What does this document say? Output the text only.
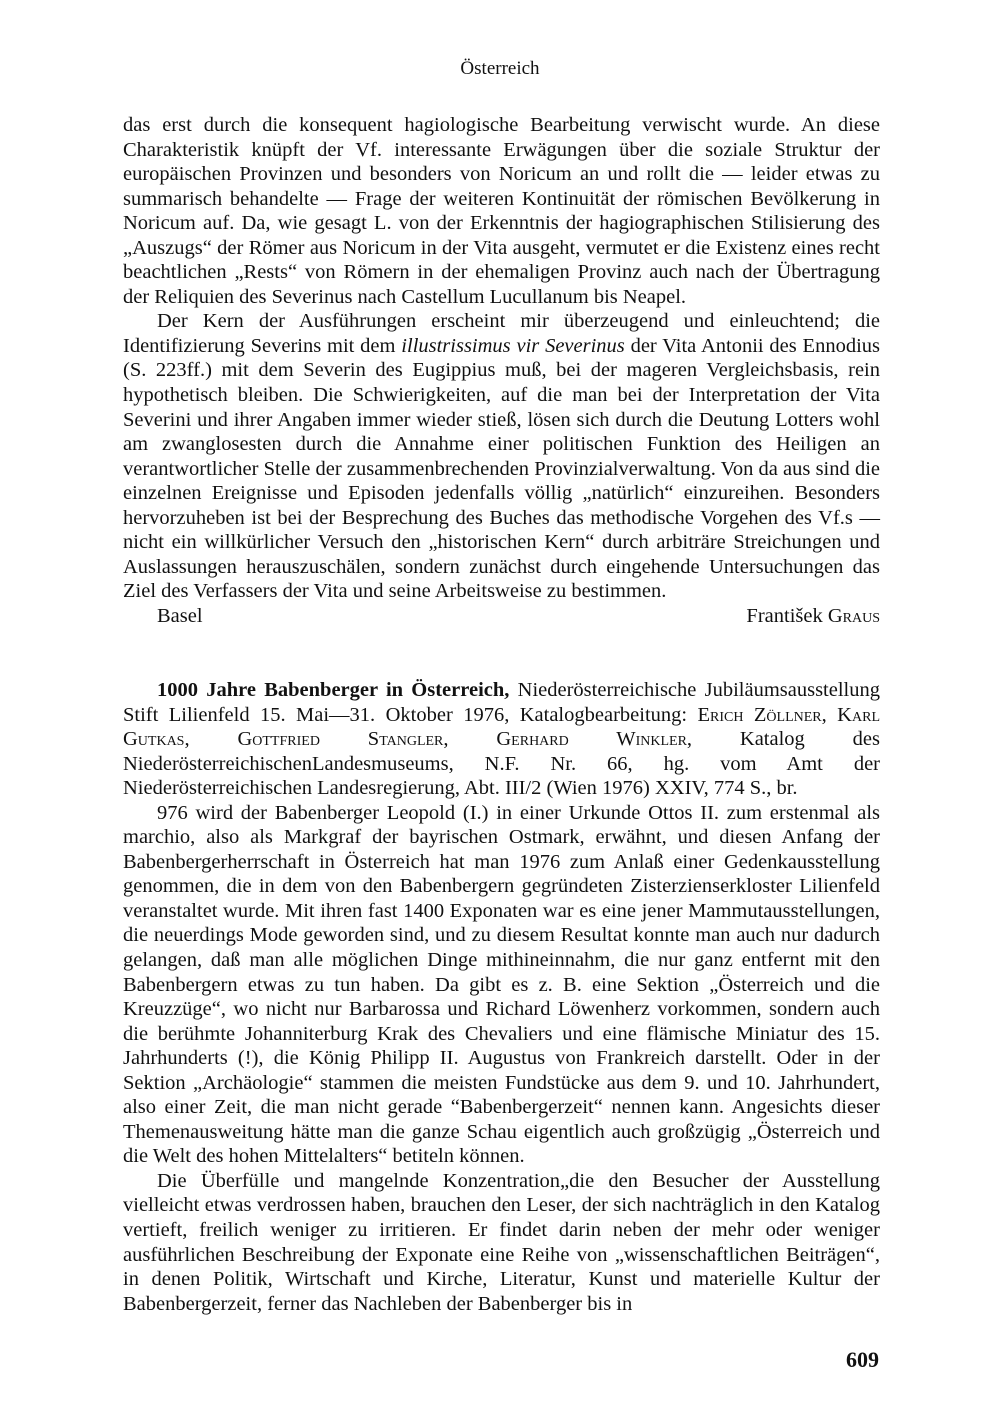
Österreich

das erst durch die konsequent hagiologische Bearbeitung verwischt wurde. An diese Charakteristik knüpft der Vf. interessante Erwägungen über die soziale Struktur der europäischen Provinzen und besonders von Noricum an und rollt die — leider etwas zu summarisch behandelte — Frage der weiteren Kontinuität der römischen Bevölkerung in Noricum auf. Da, wie gesagt L. von der Erkenntnis der hagiographischen Stilisierung des „Auszugs“ der Römer aus Noricum in der Vita ausgeht, vermutet er die Existenz eines recht beachtlichen „Rests“ von Römern in der ehemaligen Provinz auch nach der Übertragung der Reliquien des Severinus nach Castellum Lucullanum bis Neapel.

Der Kern der Ausführungen erscheint mir überzeugend und einleuchtend; die Identifizierung Severins mit dem illustrissimus vir Severinus der Vita Antonii des Ennodius (S. 223ff.) mit dem Severin des Eugippius muß, bei der mageren Vergleichsbasis, rein hypothetisch bleiben. Die Schwierigkeiten, auf die man bei der Interpretation der Vita Severini und ihrer Angaben immer wieder stieß, lösen sich durch die Deutung Lotters wohl am zwanglosesten durch die Annahme einer politischen Funktion des Heiligen an verantwortlicher Stelle der zusammenbrechenden Provinzialverwaltung. Von da aus sind die einzelnen Ereignisse und Episoden jedenfalls völlig „natürlich“ einzureihen. Besonders hervorzuheben ist bei der Besprechung des Buches das methodische Vorgehen des Vf.s — nicht ein willkürlicher Versuch den „historischen Kern“ durch arbiträre Streichungen und Auslassungen herauszuschälen, sondern zunächst durch eingehende Untersuchungen das Ziel des Verfassers der Vita und seine Arbeitsweise zu bestimmen.

Basel	František Graus

1000 Jahre Babenberger in Österreich, Niederösterreichische Jubiläumsausstellung Stift Lilienfeld 15. Mai—31. Oktober 1976, Katalogbearbeitung: Erich Zöllner, Karl Gutkas, Gottfried Stangler, Gerhard Winkler, Katalog des NiederösterreichischenLandesmuseums, N.F. Nr. 66, hg. vom Amt der Niederösterreichischen Landesregierung, Abt. III/2 (Wien 1976) XXIV, 774 S., br.

976 wird der Babenberger Leopold (I.) in einer Urkunde Ottos II. zum erstenmal als marchio, also als Markgraf der bayrischen Ostmark, erwähnt, und diesen Anfang der Babenbergerherrschaft in Österreich hat man 1976 zum Anlaß einer Gedenkausstellung genommen, die in dem von den Babenbergern gegründeten Zisterzienserkloster Lilienfeld veranstaltet wurde. Mit ihren fast 1400 Exponaten war es eine jener Mammutausstellungen, die neuerdings Mode geworden sind, und zu diesem Resultat konnte man auch nur dadurch gelangen, daß man alle möglichen Dinge mithineinnahm, die nur ganz entfernt mit den Babenbergern etwas zu tun haben. Da gibt es z. B. eine Sektion „Österreich und die Kreuzzüge“, wo nicht nur Barbarossa und Richard Löwenherz vorkommen, sondern auch die berühmte Johanniterburg Krak des Chevaliers und eine flämische Miniatur des 15. Jahrhunderts (!), die König Philipp II. Augustus von Frankreich darstellt. Oder in der Sektion „Archäologie“ stammen die meisten Fundstücke aus dem 9. und 10. Jahrhundert, also einer Zeit, die man nicht gerade “Babenbergerzeit“ nennen kann. Angesichts dieser Themenausweitung hätte man die ganze Schau eigentlich auch großzügig „Österreich und die Welt des hohen Mittelalters“ betiteln können.

Die Überfülle und mangelnde Konzentration„die den Besucher der Ausstellung vielleicht etwas verdrossen haben, brauchen den Leser, der sich nachträglich in den Katalog vertieft, freilich weniger zu irritieren. Er findet darin neben der mehr oder weniger ausführlichen Beschreibung der Exponate eine Reihe von „wissenschaftlichen Beiträgen“, in denen Politik, Wirtschaft und Kirche, Literatur, Kunst und materielle Kultur der Babenbergerzeit, ferner das Nachleben der Babenberger bis in

609
